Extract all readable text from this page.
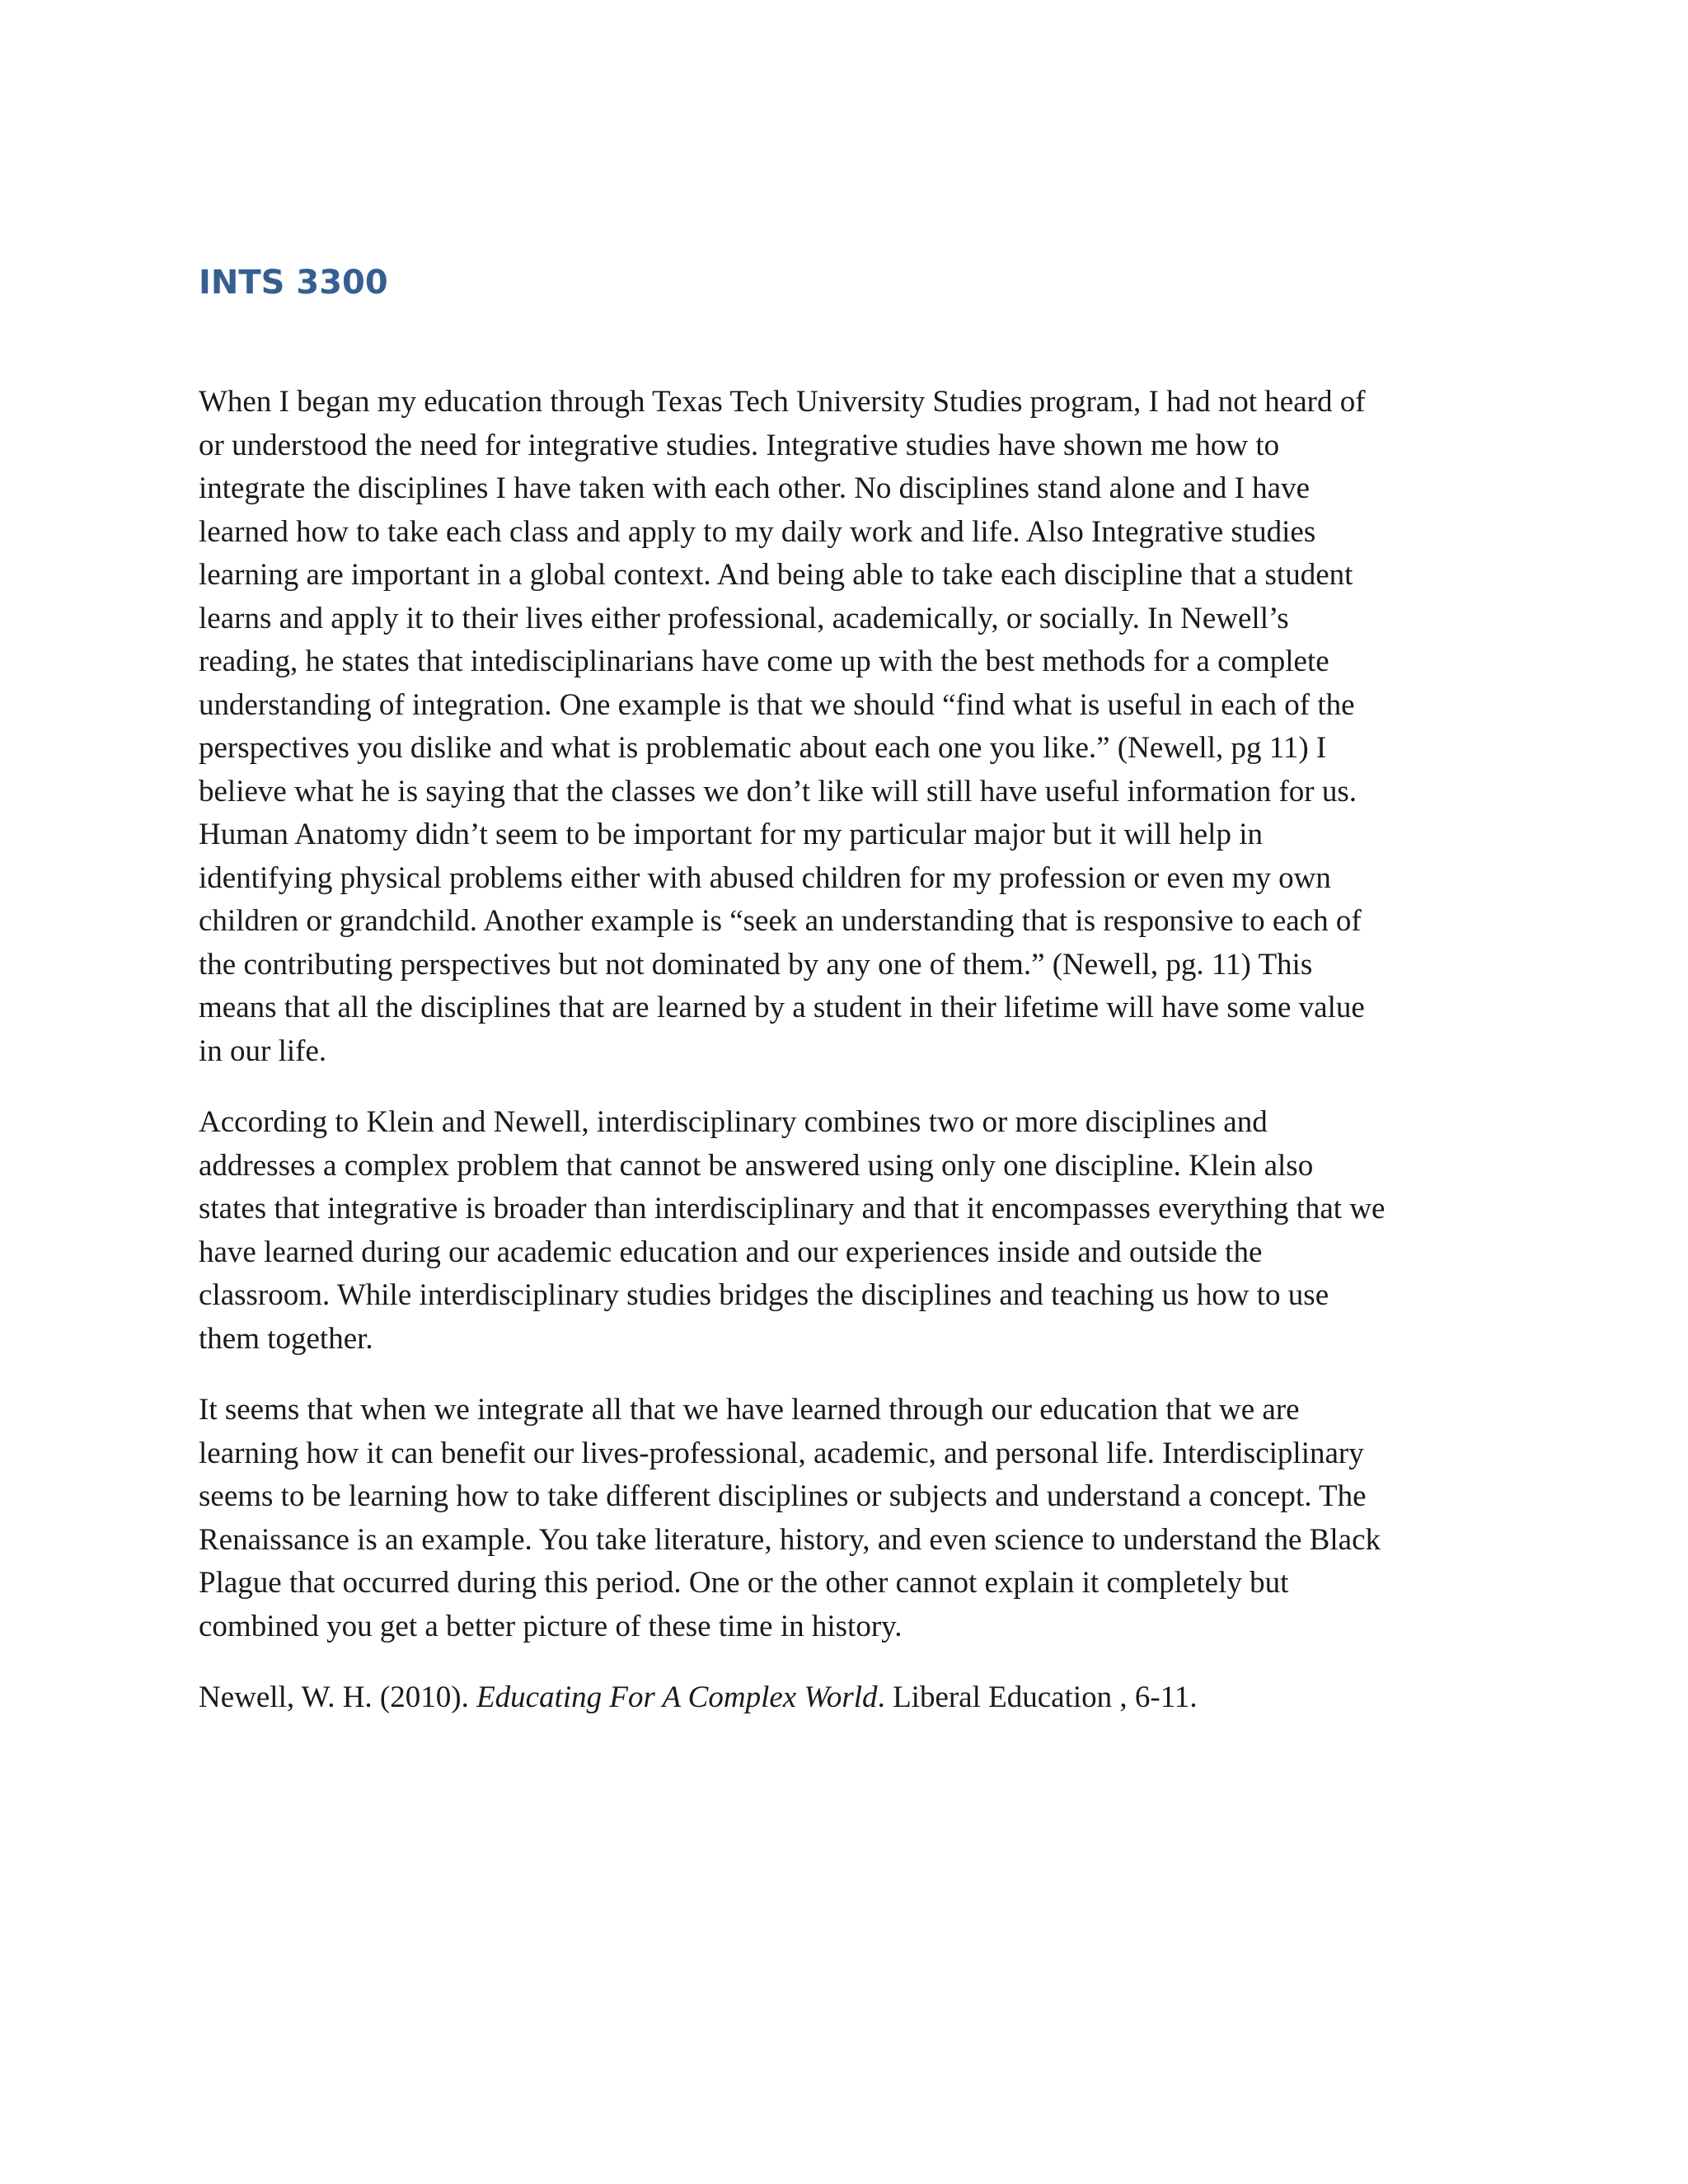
INTS 3300

When I began my education through Texas Tech University Studies program, I had not heard of
or understood the need for integrative studies. Integrative studies have shown me how to
integrate the disciplines I have taken with each other. No disciplines stand alone and I have
learned how to take each class and apply to my daily work and life. Also Integrative studies
learning are important in a global context. And being able to take each discipline that a student
learns and apply it to their lives either professional, academically, or socially. In Newell’s
reading, he states that intedisciplinarians have come up with the best methods for a complete
understanding of integration. One example is that we should “find what is useful in each of the
perspectives you dislike and what is problematic about each one you like.” (Newell, pg 11) I
believe what he is saying that the classes we don’t like will still have useful information for us.
Human Anatomy didn’t seem to be important for my particular major but it will help in
identifying physical problems either with abused children for my profession or even my own
children or grandchild. Another example is “seek an understanding that is responsive to each of
the contributing perspectives but not dominated by any one of them.” (Newell, pg. 11) This
means that all the disciplines that are learned by a student in their lifetime will have some value
in our life.

According to Klein and Newell, interdisciplinary combines two or more disciplines and
addresses a complex problem that cannot be answered using only one discipline. Klein also
states that integrative is broader than interdisciplinary and that it encompasses everything that we
have learned during our academic education and our experiences inside and outside the
classroom. While interdisciplinary studies bridges the disciplines and teaching us how to use
them together.

It seems that when we integrate all that we have learned through our education that we are
learning how it can benefit our lives-professional, academic, and personal life. Interdisciplinary
seems to be learning how to take different disciplines or subjects and understand a concept. The
Renaissance is an example. You take literature, history, and even science to understand the Black
Plague that occurred during this period. One or the other cannot explain it completely but
combined you get a better picture of these time in history.

Newell, W. H. (2010). Educating For A Complex World. Liberal Education , 6-11.
